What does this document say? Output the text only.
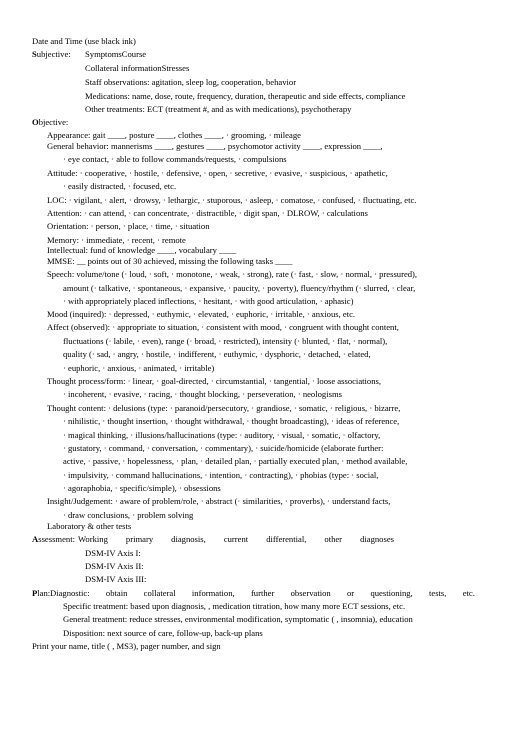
Date and Time (use black ink)
Subjective: SymptomsCourse
Collateral informationStresses
Staff observations: agitation, sleep log, cooperation, behavior
Medications: name, dose, route, frequency, duration, therapeutic and side effects, compliance
Other treatments: ECT (treatment #, and as with medications), psychotherapy
Objective:
Appearance: gait ____, posture ____, clothes ____, · grooming, · mileage
General behavior: mannerisms ____, gestures ____, psychomotor activity ____, expression ____,
· eye contact, · able to follow commands/requests, · compulsions
Attitude: · cooperative, · hostile, · defensive, · open, · secretive, · evasive, · suspicious, · apathetic,
· easily distracted, · focused, etc.
LOC: · vigilant, · alert, · drowsy, · lethargic, · stuporous, · asleep, · comatose, · confused, · fluctuating, etc.
Attention: · can attend, · can concentrate, · distractible, · digit span, · DLROW, · calculations
Orientation: · person, · place, · time, · situation
Memory: · immediate, · recent, · remote
Intellectual: fund of knowledge ____, vocabulary ____
MMSE: __ points out of 30 achieved, missing the following tasks ____
Speech: volume/tone (· loud, · soft, · monotone, · weak, · strong), rate (· fast, · slow, · normal, · pressured),
amount (· talkative, · spontaneous, · expansive, · paucity, · poverty), fluency/rhythm (· slurred, · clear,
· with appropriately placed inflections, · hesitant, · with good articulation, · aphasic)
Mood (inquired): · depressed, · euthymic, · elevated, · euphoric, · irritable, · anxious, etc.
Affect (observed): · appropriate to situation, · consistent with mood, · congruent with thought content,
fluctuations (· labile, · even), range (· broad, · restricted), intensity (· blunted, · flat, · normal),
quality (· sad, · angry, · hostile, · indifferent, · euthymic, · dysphoric, · detached, · elated,
· euphoric, · anxious, · animated, · irritable)
Thought process/form: · linear, · goal-directed, · circumstantial, · tangential, · loose associations,
· incoherent, · evasive, · racing, · thought blocking, · perseveration, · neologisms
Thought content: · delusions (type: · paranoid/persecutory, · grandiose, · somatic, · religious, · bizarre,
· nihilistic, · thought insertion, · thought withdrawal, · thought broadcasting), · ideas of reference,
· magical thinking, · illusions/hallucinations (type: · auditory, · visual, · somatic, · olfactory,
· gustatory, · command, · conversation, · commentary), · suicide/homicide (elaborate further:
active, · passive, · hopelessness, · plan, · detailed plan, · partially executed plan, · method available,
· impulsivity, · command hallucinations, · intention, · contracting), · phobias (type: · social,
· agoraphobia, · specific/simple), · obsessions
Insight/Judgement: · aware of problem/role, · abstract (· similarities, · proverbs), · understand facts,
· draw conclusions, · problem solving
Laboratory & other tests
Assessment: Working primary diagnosis, current differential, other diagnoses
DSM-IV Axis I:
DSM-IV Axis II:
DSM-IV Axis III:
Plan: Diagnostic: obtain collateral information, further observation or questioning, tests, etc.
Specific treatment: based upon diagnosis, , medication titration, how many more ECT sessions, etc.
General treatment: reduce stresses, environmental modification, symptomatic ( , insomnia), education
Disposition: next source of care, follow-up, back-up plans
Print your name, title ( , MS3), pager number, and sign
